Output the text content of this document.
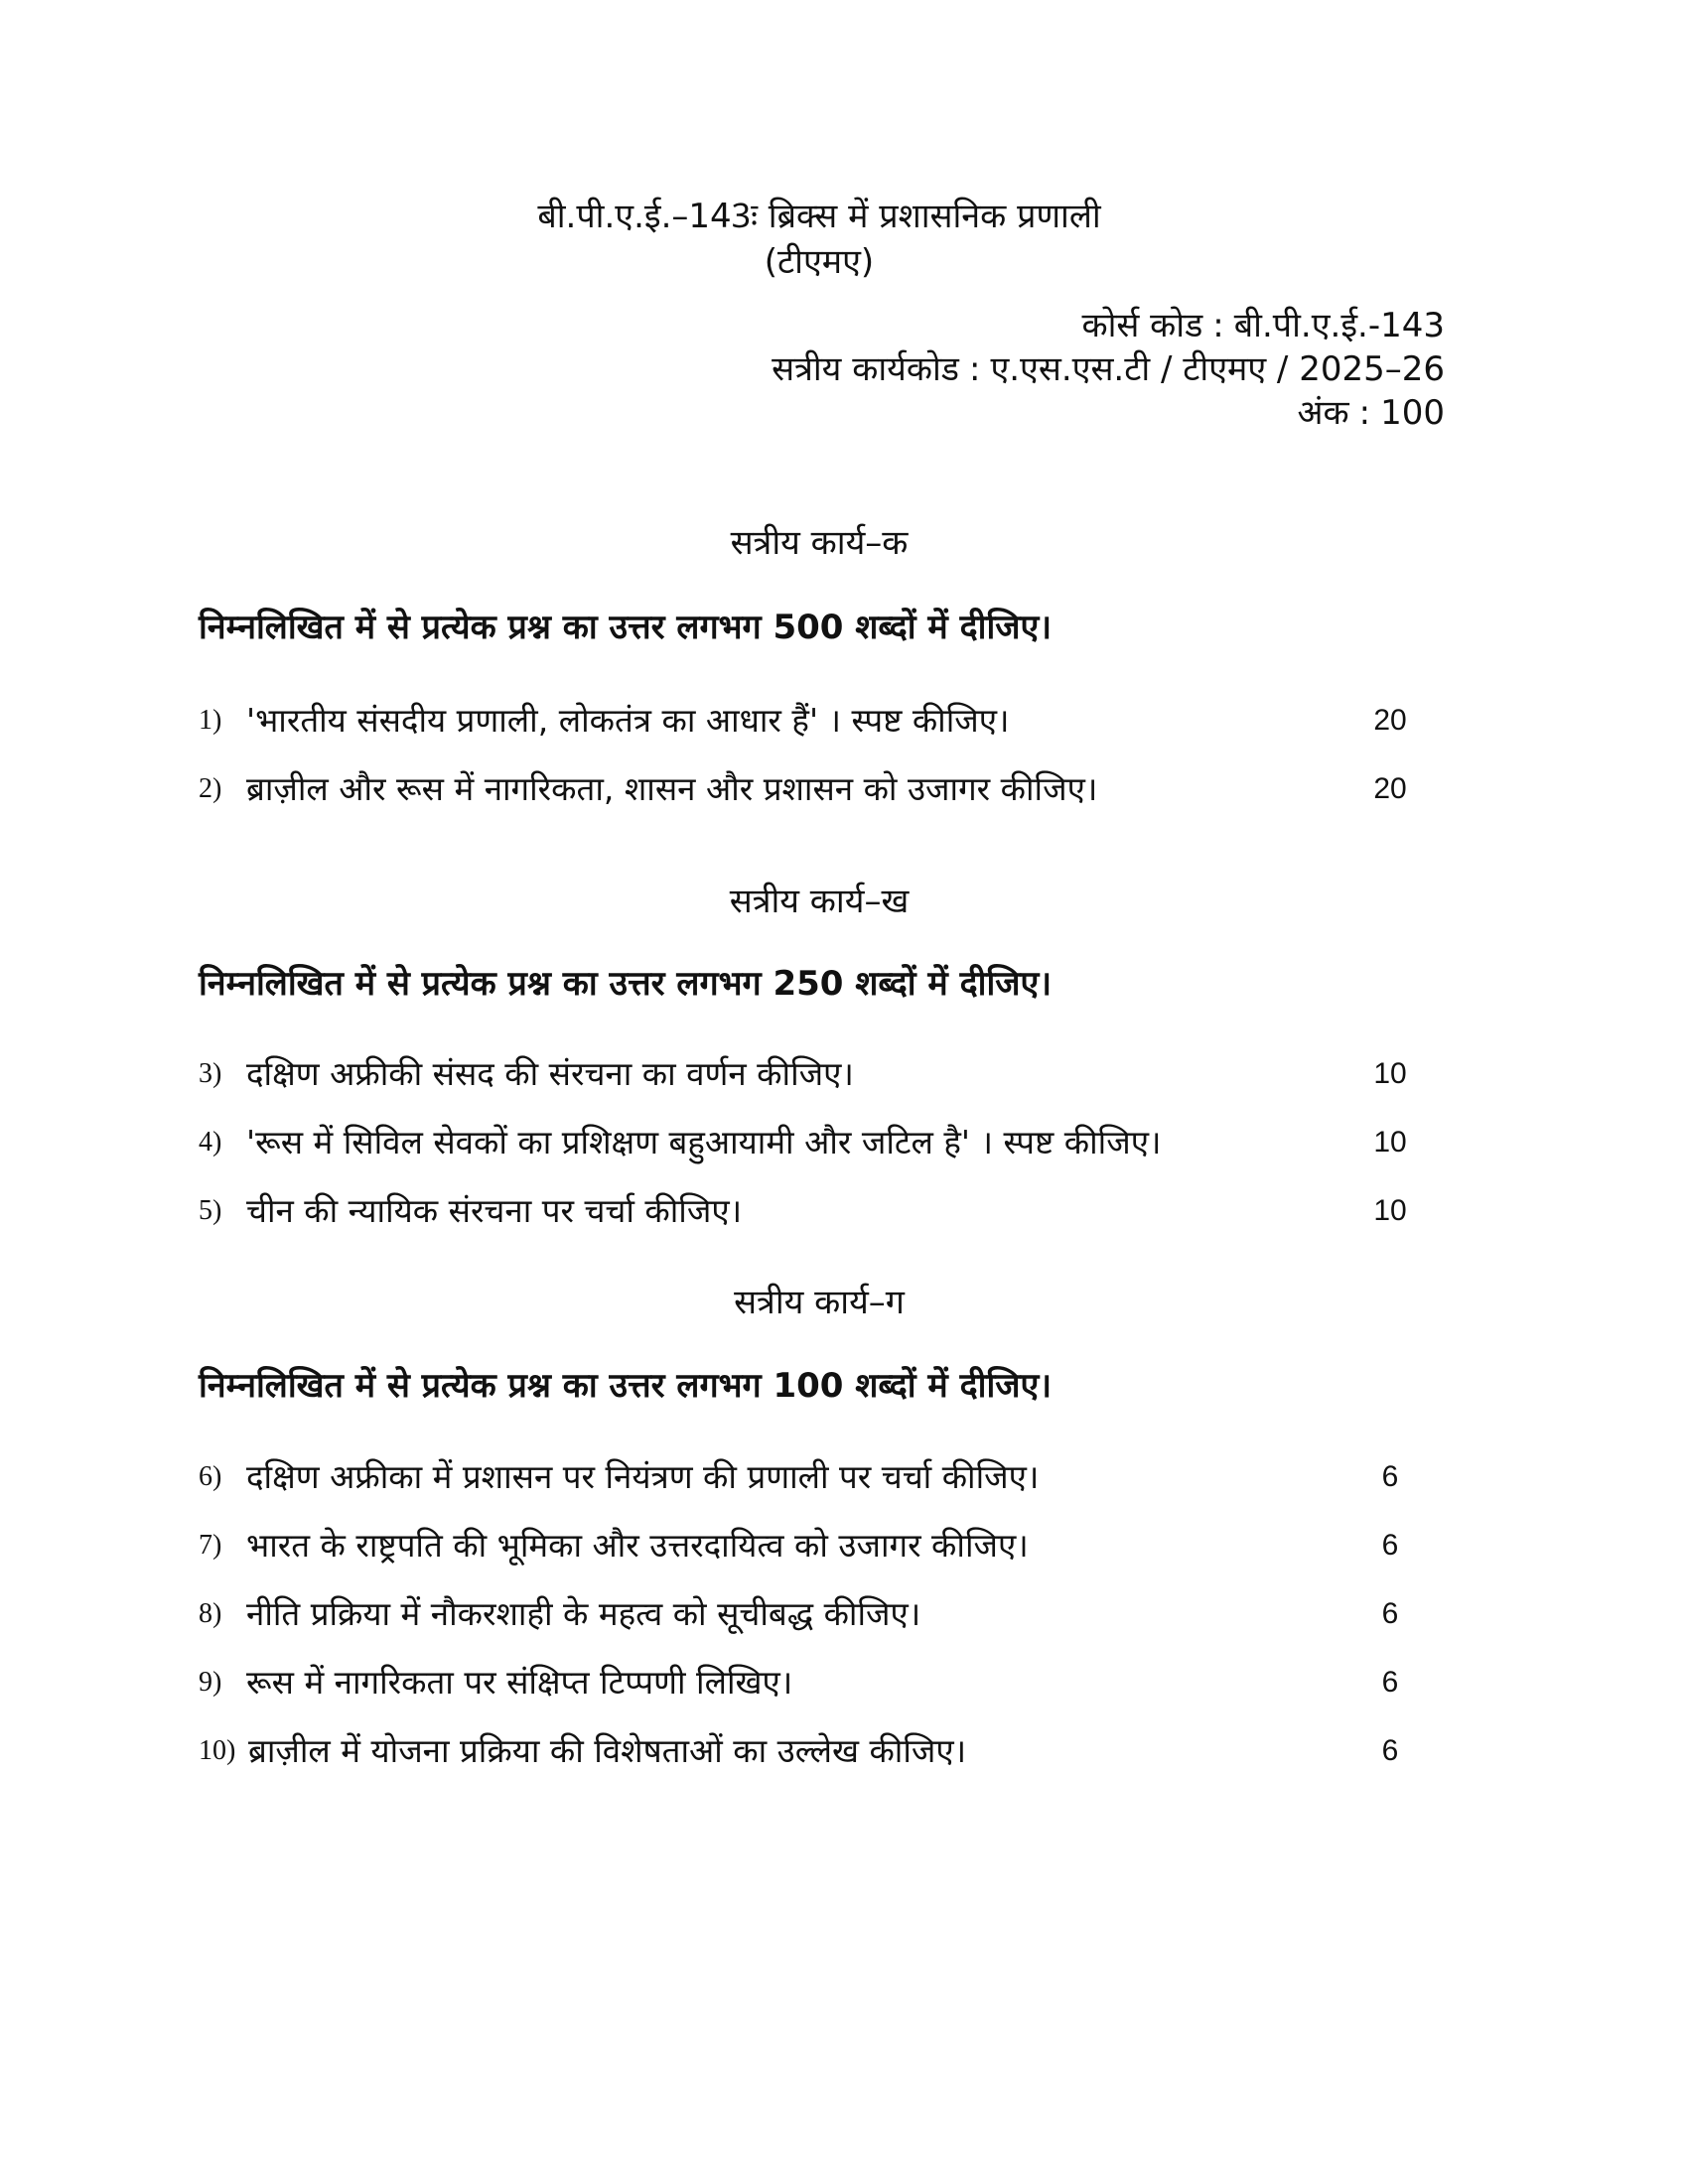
बी.पी.ए.ई.–143ः ब्रिक्स में प्रशासनिक प्रणाली
(टीएमए)
कोर्स कोड : बी.पी.ए.ई.-143
सत्रीय कार्यकोड : ए.एस.एस.टी / टीएमए / 2025–26
अंक : 100
सत्रीय कार्य–क
निम्नलिखित में से प्रत्येक प्रश्न का उत्तर लगभग 500 शब्दों में दीजिए।
1) 'भारतीय संसदीय प्रणाली, लोकतंत्र का आधार हैं' । स्पष्ट कीजिए।	20
2) ब्राज़ील और रूस में नागरिकता, शासन और प्रशासन को उजागर कीजिए।	20
सत्रीय कार्य–ख
निम्नलिखित में से प्रत्येक प्रश्न का उत्तर लगभग 250 शब्दों में दीजिए।
3) दक्षिण अफ्रीकी संसद की संरचना का वर्णन कीजिए।	10
4) 'रूस में सिविल सेवकों का प्रशिक्षण बहुआयामी और जटिल है' । स्पष्ट कीजिए।	10
5) चीन की न्यायिक संरचना पर चर्चा कीजिए।	10
सत्रीय कार्य–ग
निम्नलिखित में से प्रत्येक प्रश्न का उत्तर लगभग 100 शब्दों में दीजिए।
6) दक्षिण अफ्रीका में प्रशासन पर नियंत्रण की प्रणाली पर चर्चा कीजिए।	6
7) भारत के राष्ट्रपति की भूमिका और उत्तरदायित्व को उजागर कीजिए।	6
8) नीति प्रक्रिया में नौकरशाही के महत्व को सूचीबद्ध कीजिए।	6
9) रूस में नागरिकता पर संक्षिप्त टिप्पणी लिखिए।	6
10) ब्राज़ील में योजना प्रक्रिया की विशेषताओं का उल्लेख कीजिए।	6
